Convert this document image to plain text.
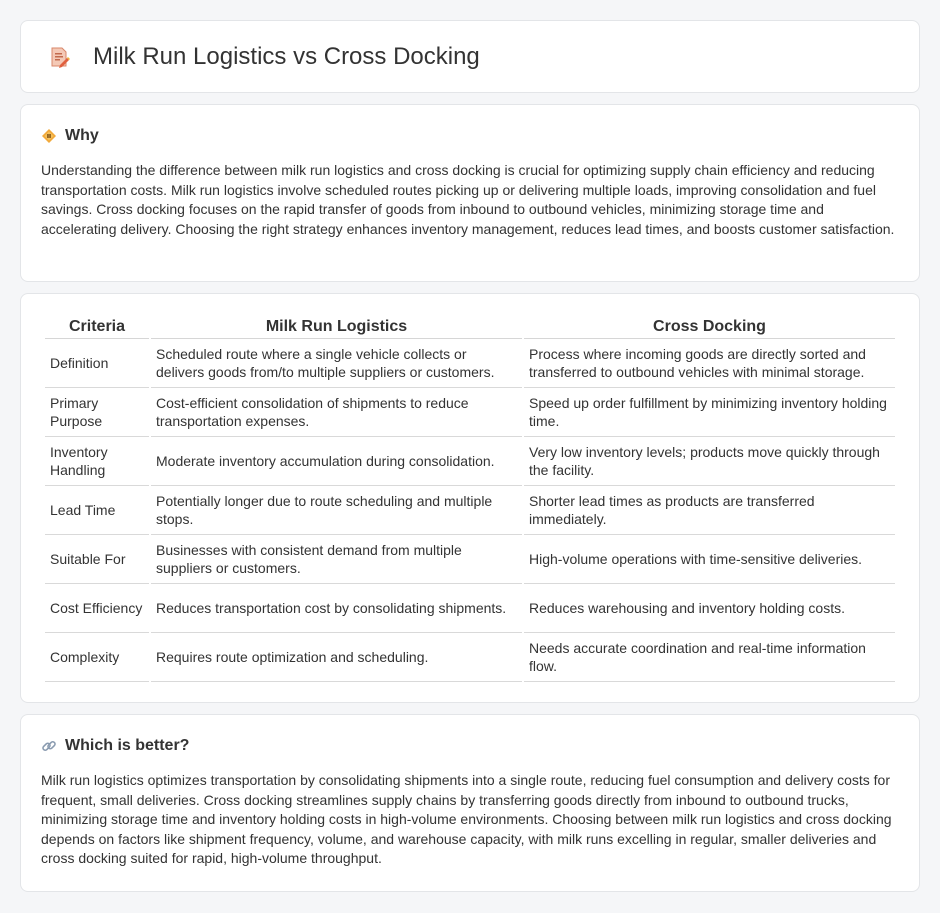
Milk Run Logistics vs Cross Docking
Why

Understanding the difference between milk run logistics and cross docking is crucial for optimizing supply chain efficiency and reducing transportation costs. Milk run logistics involve scheduled routes picking up or delivering multiple loads, improving consolidation and fuel savings. Cross docking focuses on the rapid transfer of goods from inbound to outbound vehicles, minimizing storage time and accelerating delivery. Choosing the right strategy enhances inventory management, reduces lead times, and boosts customer satisfaction.

Criteria	Milk Run Logistics	Cross Docking
Definition	Scheduled route where a single vehicle collects or delivers goods from/to multiple suppliers or customers.	Process where incoming goods are directly sorted and transferred to outbound vehicles with minimal storage.
Primary Purpose	Cost-efficient consolidation of shipments to reduce transportation expenses.	Speed up order fulfillment by minimizing inventory holding time.
Inventory Handling	Moderate inventory accumulation during consolidation.	Very low inventory levels; products move quickly through the facility.
Lead Time	Potentially longer due to route scheduling and multiple stops.	Shorter lead times as products are transferred immediately.
Suitable For	Businesses with consistent demand from multiple suppliers or customers.	High-volume operations with time-sensitive deliveries.
Cost Efficiency	Reduces transportation cost by consolidating shipments.	Reduces warehousing and inventory holding costs.
Complexity	Requires route optimization and scheduling.	Needs accurate coordination and real-time information flow.
Which is better?

Milk run logistics optimizes transportation by consolidating shipments into a single route, reducing fuel consumption and delivery costs for frequent, small deliveries. Cross docking streamlines supply chains by transferring goods directly from inbound to outbound trucks, minimizing storage time and inventory holding costs in high-volume environments. Choosing between milk run logistics and cross docking depends on factors like shipment frequency, volume, and warehouse capacity, with milk runs excelling in regular, smaller deliveries and cross docking suited for rapid, high-volume throughput.
